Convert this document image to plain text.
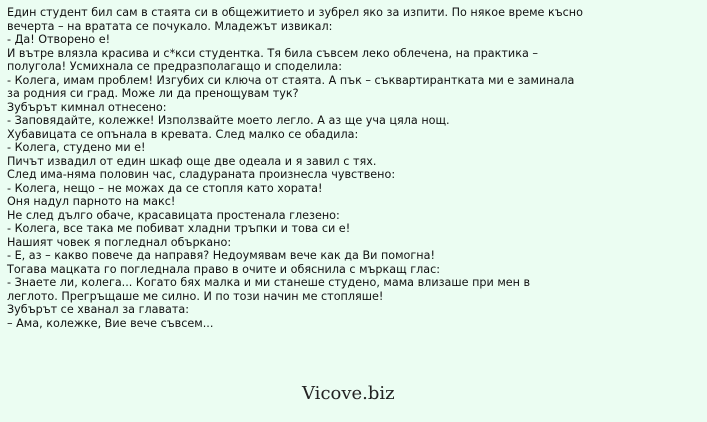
Един студент бил сам в стаята си в общежитието и зубрел яко за изпити. По някое време късно
вечерта – на вратата се почукало. Младежът извикал:
- Да! Отворено е!
И вътре влязла красива и с*кси студентка. Тя била съвсем леко облечена, на практика –
полугола! Усмихнала се предразполагащо и споделила:
- Колега, имам проблем! Изгубих си ключа от стаята. А пък – съквартирантката ми е заминала
за родния си град. Може ли да пренощувам тук?
Зубърът кимнал отнесено:
- Заповядайте, колежке! Използвайте моето легло. А аз ще уча цяла нощ.
Хубавицата се опънала в кревата. След малко се обадила:
- Колега, студено ми е!
Пичът извадил от един шкаф още две одеала и я завил с тях.
След има-няма половин час, сладураната произнесла чувствено:
- Колега, нещо – не можах да се стопля като хората!
Оня надул парното на макс!
Не след дълго обаче, красавицата простенала глезено:
- Колега, все така ме побиват хладни тръпки и това си е!
Нашият човек я погледнал объркано:
- Е, аз – какво повече да направя? Недоумявам вече как да Ви помогна!
Тогава мацката го погледнала право в очите и обяснила с мъркащ глас:
- Знаете ли, колега... Когато бях малка и ми станеше студено, мама влизаше при мен в
леглото. Прегръщаше ме силно. И по този начин ме стопляше!
Зубърът се хванал за главата:
– Ама, колежке, Вие вече съвсем...
Vicove.biz
